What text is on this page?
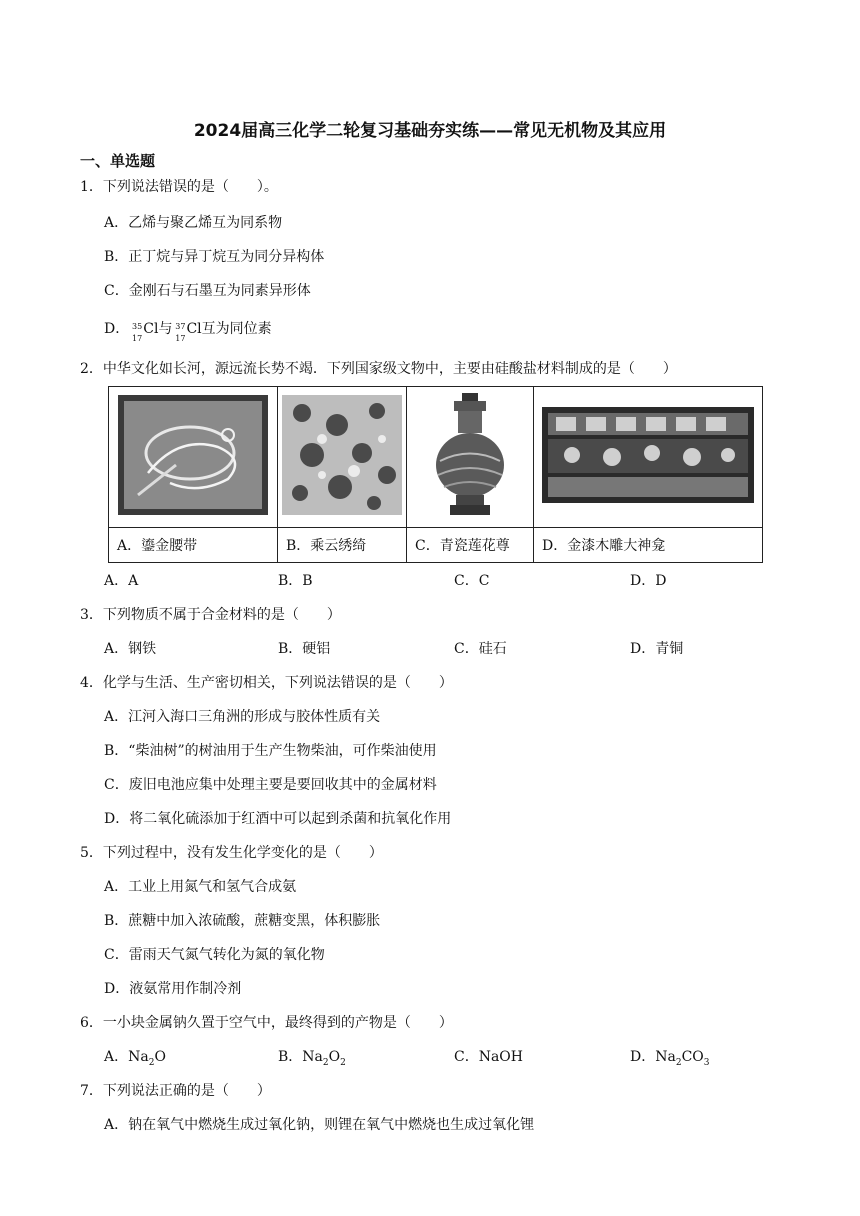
2024届高三化学二轮复习基础夯实练——常见无机物及其应用
一、单选题
1．下列说法错误的是（　　）。
A．乙烯与聚乙烯互为同系物
B．正丁烷与异丁烷互为同分异构体
C．金刚石与石墨互为同素异形体
D． 35
17
Cl与 37
17
Cl互为同位素
2．中华文化如长河，源远流长势不竭．下列国家级文物中，主要由硅酸盐材料制成的是（　　）

A．鎏金腰带	B．乘云绣绮	C．青瓷莲花尊	D．金漆木雕大神龛
A．A	B．B	C．C	D．D
3．下列物质不属于合金材料的是（　　）
A．钢铁	B．硬铝	C．硅石	D．青铜
4．化学与生活、生产密切相关，下列说法错误的是（　　）
A．江河入海口三角洲的形成与胶体性质有关
B．“柴油树”的树油用于生产生物柴油，可作柴油使用
C．废旧电池应集中处理主要是要回收其中的金属材料
D．将二氧化硫添加于红酒中可以起到杀菌和抗氧化作用
5．下列过程中，没有发生化学变化的是（　　）
A．工业上用氮气和氢气合成氨
B．蔗糖中加入浓硫酸，蔗糖变黑，体积膨胀
C．雷雨天气氮气转化为氮的氧化物
D．液氨常用作制冷剂
6．一小块金属钠久置于空气中，最终得到的产物是（　　）
A．$Na_2O$	B．$Na_2O_2$	C．NaOH	D．$Na_2CO_3$
7．下列说法正确的是（　　）
A．钠在氧气中燃烧生成过氧化钠，则锂在氧气中燃烧也生成过氧化锂
